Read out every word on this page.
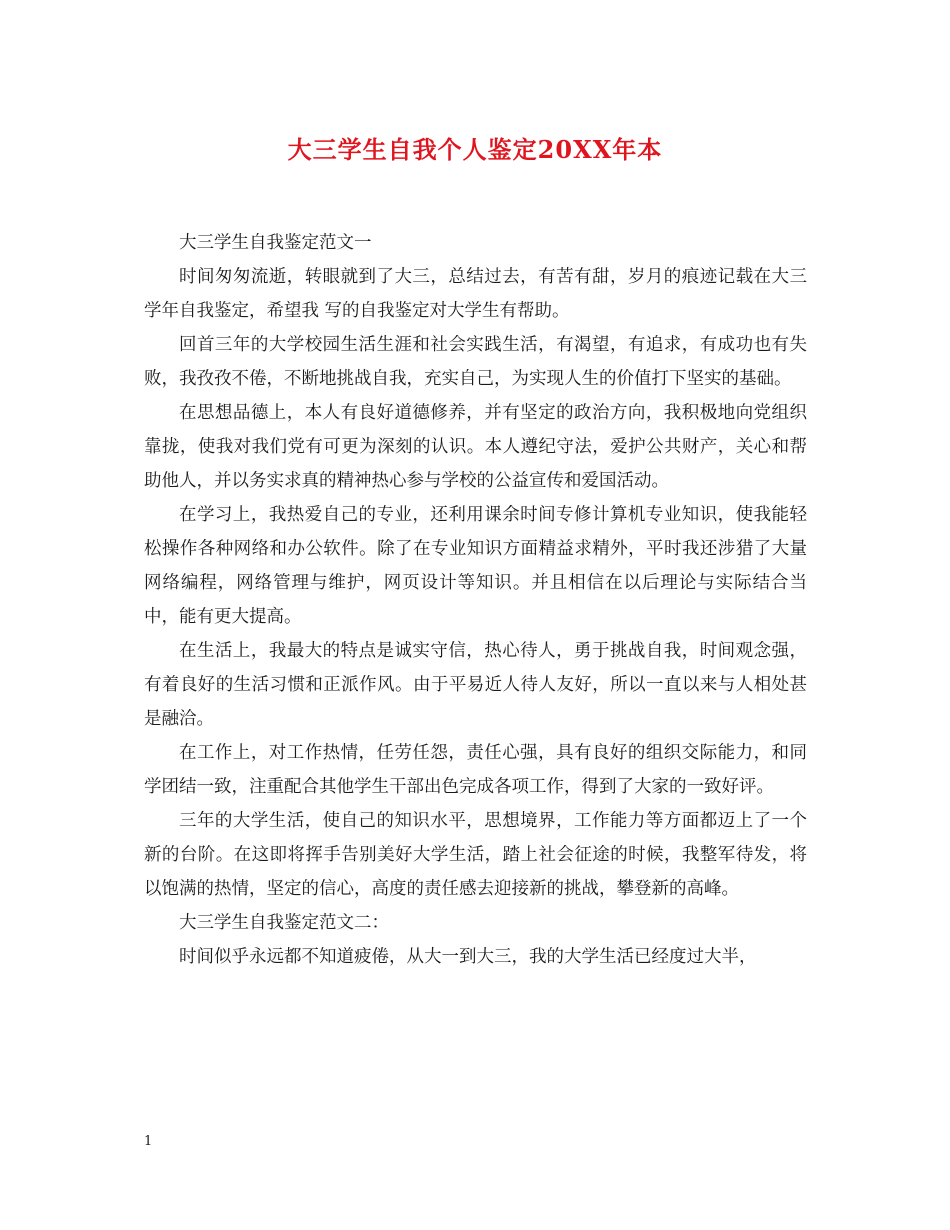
大三学生自我个人鉴定20XX年本

大三学生自我鉴定范文一

时间匆匆流逝，转眼就到了大三，总结过去，有苦有甜，岁月的痕迹记载在大三学年自我鉴定，希望我 写的自我鉴定对大学生有帮助。

回首三年的大学校园生活生涯和社会实践生活，有渴望，有追求，有成功也有失败，我孜孜不倦，不断地挑战自我，充实自己，为实现人生的价值打下坚实的基础。

在思想品德上，本人有良好道德修养，并有坚定的政治方向，我积极地向党组织靠拢，使我对我们党有可更为深刻的认识。本人遵纪守法，爱护公共财产，关心和帮助他人，并以务实求真的精神热心参与学校的公益宣传和爱国活动。

在学习上，我热爱自己的专业，还利用课余时间专修计算机专业知识，使我能轻松操作各种网络和办公软件。除了在专业知识方面精益求精外，平时我还涉猎了大量网络编程，网络管理与维护，网页设计等知识。并且相信在以后理论与实际结合当中，能有更大提高。

在生活上，我最大的特点是诚实守信，热心待人，勇于挑战自我，时间观念强，有着良好的生活习惯和正派作风。由于平易近人待人友好，所以一直以来与人相处甚是融洽。

在工作上，对工作热情，任劳任怨，责任心强，具有良好的组织交际能力，和同学团结一致，注重配合其他学生干部出色完成各项工作，得到了大家的一致好评。

三年的大学生活，使自己的知识水平，思想境界，工作能力等方面都迈上了一个新的台阶。在这即将挥手告别美好大学生活，踏上社会征途的时候，我整军待发，将以饱满的热情，坚定的信心，高度的责任感去迎接新的挑战，攀登新的高峰。

大三学生自我鉴定范文二：

时间似乎永远都不知道疲倦，从大一到大三，我的大学生活已经度过大半，

1
